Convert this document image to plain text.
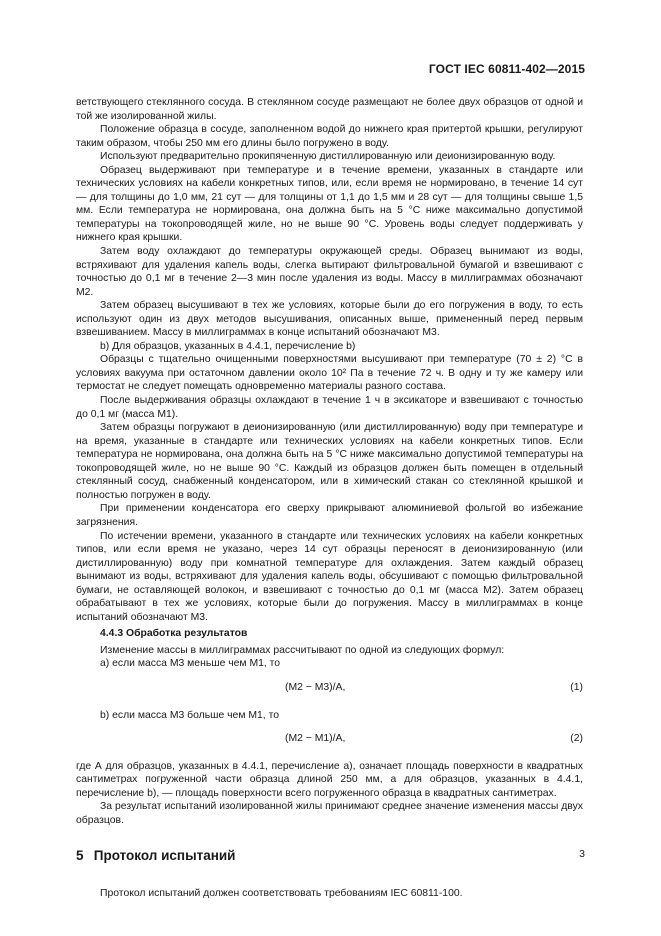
ГОСТ IEC 60811-402—2015

ветствующего стеклянного сосуда. В стеклянном сосуде размещают не более двух образцов от одной и той же изолированной жилы.

Положение образца в сосуде, заполненном водой до нижнего края притертой крышки, регулируют таким образом, чтобы 250 мм его длины было погружено в воду.

Используют предварительно прокипяченную дистиллированную или деионизированную воду.

Образец выдерживают при температуре и в течение времени, указанных в стандарте или технических условиях на кабели конкретных типов, или, если время не нормировано, в течение 14 сут — для толщины до 1,0 мм, 21 сут — для толщины от 1,1 до 1,5 мм и 28 сут — для толщины свыше 1,5 мм. Если температура не нормирована, она должна быть на 5 °С ниже максимально допустимой температуры на токопроводящей жиле, но не выше 90 °С. Уровень воды следует поддерживать у нижнего края крышки.

Затем воду охлаждают до температуры окружающей среды. Образец вынимают из воды, встряхивают для удаления капель воды, слегка вытирают фильтровальной бумагой и взвешивают с точностью до 0,1 мг в течение 2—3 мин после удаления из воды. Массу в миллиграммах обозначают М2.

Затем образец высушивают в тех же условиях, которые были до его погружения в воду, то есть используют один из двух методов высушивания, описанных выше, примененный перед первым взвешиванием. Массу в миллиграммах в конце испытаний обозначают М3.

b) Для образцов, указанных в 4.4.1, перечисление b)

Образцы с тщательно очищенными поверхностями высушивают при температуре (70 ± 2) °С в условиях вакуума при остаточном давлении около 10² Па в течение 72 ч. В одну и ту же камеру или термостат не следует помещать одновременно материалы разного состава.

После выдерживания образцы охлаждают в течение 1 ч в эксикаторе и взвешивают с точностью до 0,1 мг (масса М1).

Затем образцы погружают в деионизированную (или дистиллированную) воду при температуре и на время, указанные в стандарте или технических условиях на кабели конкретных типов. Если температура не нормирована, она должна быть на 5 °С ниже максимально допустимой температуры на токопроводящей жиле, но не выше 90 °С. Каждый из образцов должен быть помещен в отдельный стеклянный сосуд, снабженный конденсатором, или в химический стакан со стеклянной крышкой и полностью погружен в воду.

При применении конденсатора его сверху прикрывают алюминиевой фольгой во избежание загрязнения.

По истечении времени, указанного в стандарте или технических условиях на кабели конкретных типов, или если время не указано, через 14 сут образцы переносят в деионизированную (или дистиллированную) воду при комнатной температуре для охлаждения. Затем каждый образец вынимают из воды, встряхивают для удаления капель воды, обсушивают с помощью фильтровальной бумаги, не оставляющей волокон, и взвешивают с точностью до 0,1 мг (масса М2). Затем образец обрабатывают в тех же условиях, которые были до погружения. Массу в миллиграммах в конце испытаний обозначают М3.

4.4.3 Обработка результатов

Изменение массы в миллиграммах рассчитывают по одной из следующих формул:

a) если масса М3 меньше чем М1, то

(М2 − М3)/А,	(1)

b) если масса М3 больше чем М1, то

(М2 − М1)/А,	(2)

где А для образцов, указанных в 4.4.1, перечисление a), означает площадь поверхности в квадратных сантиметрах погруженной части образца длиной 250 мм, а для образцов, указанных в 4.4.1, перечисление b), — площадь поверхности всего погруженного образца в квадратных сантиметрах.

За результат испытаний изолированной жилы принимают среднее значение изменения массы двух образцов.

5 Протокол испытаний

Протокол испытаний должен соответствовать требованиям IEC 60811-100.

3
